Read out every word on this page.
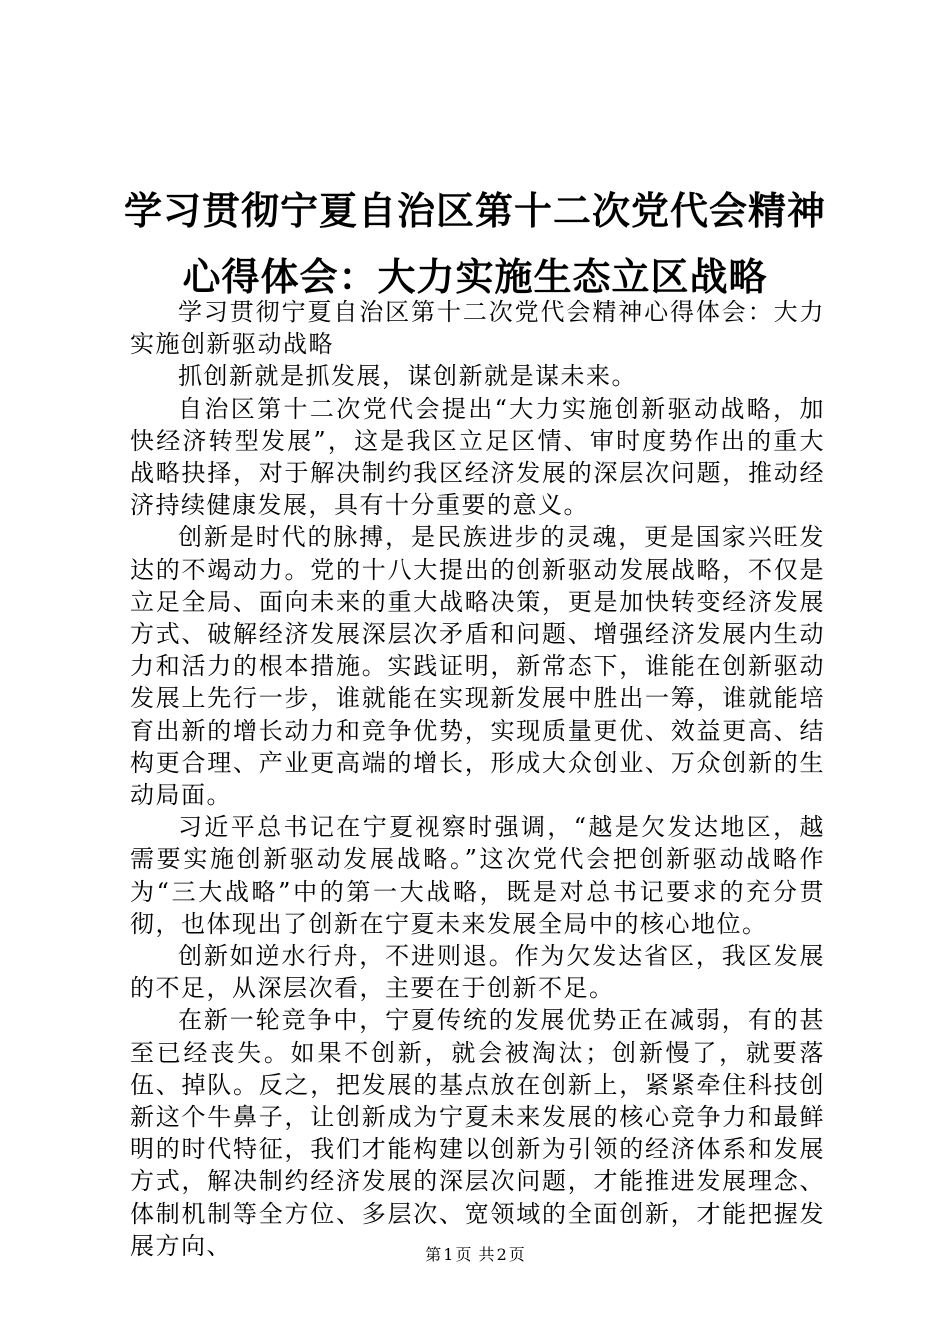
学习贯彻宁夏自治区第十二次党代会精神心得体会：大力实施生态立区战略

学习贯彻宁夏自治区第十二次党代会精神心得体会：大力实施创新驱动战略

抓创新就是抓发展，谋创新就是谋未来。

自治区第十二次党代会提出“大力实施创新驱动战略，加快经济转型发展”，这是我区立足区情、审时度势作出的重大战略抉择，对于解决制约我区经济发展的深层次问题，推动经济持续健康发展，具有十分重要的意义。

创新是时代的脉搏，是民族进步的灵魂，更是国家兴旺发达的不竭动力。党的十八大提出的创新驱动发展战略，不仅是立足全局、面向未来的重大战略决策，更是加快转变经济发展方式、破解经济发展深层次矛盾和问题、增强经济发展内生动力和活力的根本措施。实践证明，新常态下，谁能在创新驱动发展上先行一步，谁就能在实现新发展中胜出一筹，谁就能培育出新的增长动力和竞争优势，实现质量更优、效益更高、结构更合理、产业更高端的增长，形成大众创业、万众创新的生动局面。

习近平总书记在宁夏视察时强调，“越是欠发达地区，越需要实施创新驱动发展战略。”这次党代会把创新驱动战略作为“三大战略”中的第一大战略，既是对总书记要求的充分贯彻，也体现出了创新在宁夏未来发展全局中的核心地位。

创新如逆水行舟，不进则退。作为欠发达省区，我区发展的不足，从深层次看，主要在于创新不足。

在新一轮竞争中，宁夏传统的发展优势正在减弱，有的甚至已经丧失。如果不创新，就会被淘汰；创新慢了，就要落伍、掉队。反之，把发展的基点放在创新上，紧紧牵住科技创新这个牛鼻子，让创新成为宁夏未来发展的核心竞争力和最鲜明的时代特征，我们才能构建以创新为引领的经济体系和发展方式，解决制约经济发展的深层次问题，才能推进发展理念、体制机制等全方位、多层次、宽领域的全面创新，才能把握发展方向、	第 1 页 共 2 页
